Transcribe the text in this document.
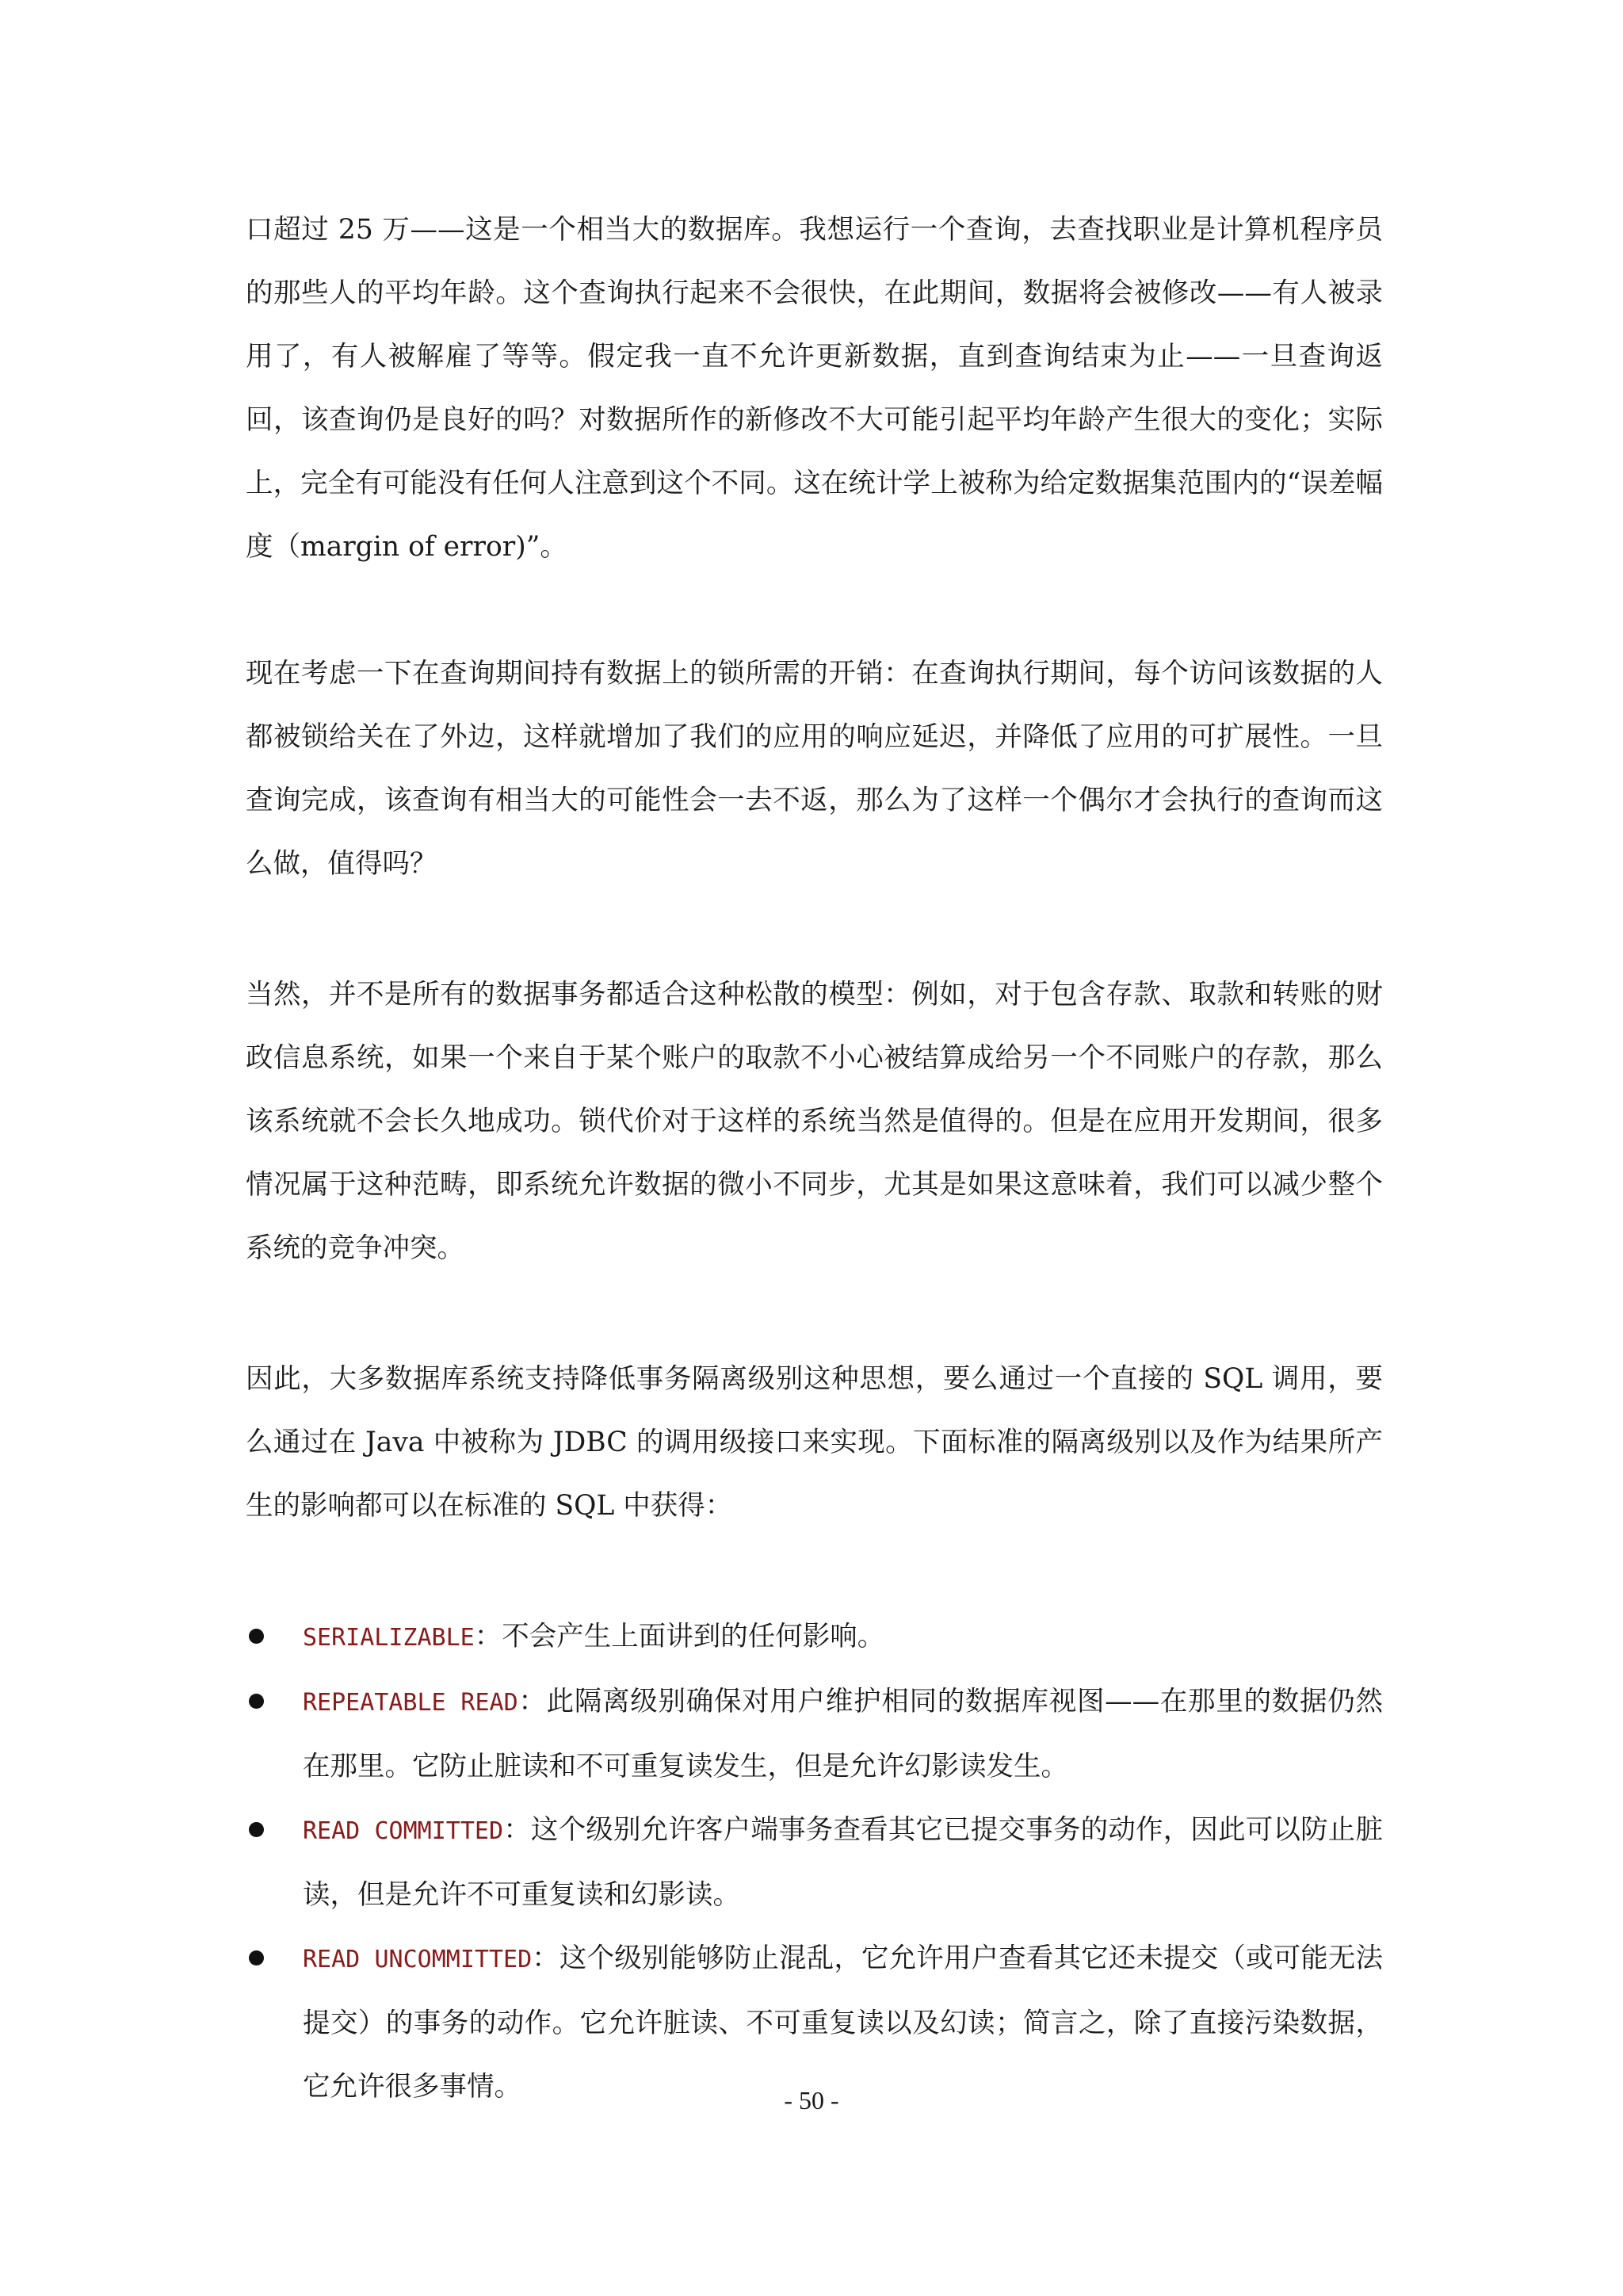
口超过 25 万——这是一个相当大的数据库。我想运行一个查询，去查找职业是计算机程序员的那些人的平均年龄。这个查询执行起来不会很快，在此期间，数据将会被修改——有人被录用了，有人被解雇了等等。假定我一直不允许更新数据，直到查询结束为止——一旦查询返回，该查询仍是良好的吗？对数据所作的新修改不大可能引起平均年龄产生很大的变化；实际上，完全有可能没有任何人注意到这个不同。这在统计学上被称为给定数据集范围内的“误差幅度（margin of error)”。

现在考虑一下在查询期间持有数据上的锁所需的开销：在查询执行期间，每个访问该数据的人都被锁给关在了外边，这样就增加了我们的应用的响应延迟，并降低了应用的可扩展性。一旦查询完成，该查询有相当大的可能性会一去不返，那么为了这样一个偶尔才会执行的查询而这么做，值得吗？

当然，并不是所有的数据事务都适合这种松散的模型：例如，对于包含存款、取款和转账的财政信息系统，如果一个来自于某个账户的取款不小心被结算成给另一个不同账户的存款，那么该系统就不会长久地成功。锁代价对于这样的系统当然是值得的。但是在应用开发期间，很多情况属于这种范畴，即系统允许数据的微小不同步，尤其是如果这意味着，我们可以减少整个系统的竞争冲突。

因此，大多数据库系统支持降低事务隔离级别这种思想，要么通过一个直接的 SQL 调用，要么通过在 Java 中被称为 JDBC 的调用级接口来实现。下面标准的隔离级别以及作为结果所产生的影响都可以在标准的 SQL 中获得：

SERIALIZABLE：不会产生上面讲到的任何影响。
REPEATABLE READ：此隔离级别确保对用户维护相同的数据库视图——在那里的数据仍然在那里。它防止脏读和不可重复读发生，但是允许幻影读发生。
READ COMMITTED：这个级别允许客户端事务查看其它已提交事务的动作，因此可以防止脏读，但是允许不可重复读和幻影读。
READ UNCOMMITTED：这个级别能够防止混乱，它允许用户查看其它还未提交（或可能无法提交）的事务的动作。它允许脏读、不可重复读以及幻读；简言之，除了直接污染数据，它允许很多事情。	- 50 -
